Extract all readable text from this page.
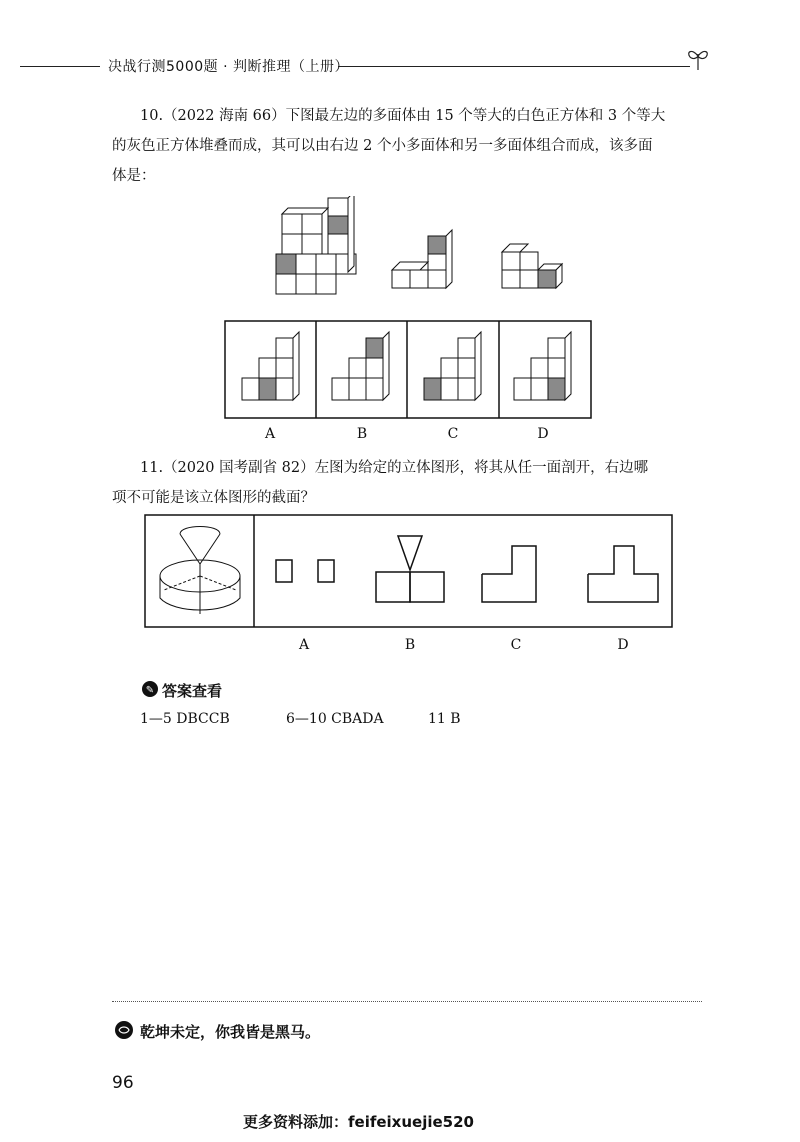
决战行测5000题 · 判断推理（上册）
10.（2022 海南 66）下图最左边的多面体由 15 个等大的白色正方体和 3 个等大
的灰色正方体堆叠而成，其可以由右边 2 个小多面体和另一多面体组合而成，该多面
体是：
A	B	C	D
11.（2020 国考副省 82）左图为给定的立体图形，将其从任一面剖开，右边哪
项不可能是该立体图形的截面？
A	B	C	D
✎ 答案查看
1—5 DBCCB	6—10 CBADA	11 B
乾坤未定，你我皆是黑马。
96
更多资料添加：feifeixuejie520
